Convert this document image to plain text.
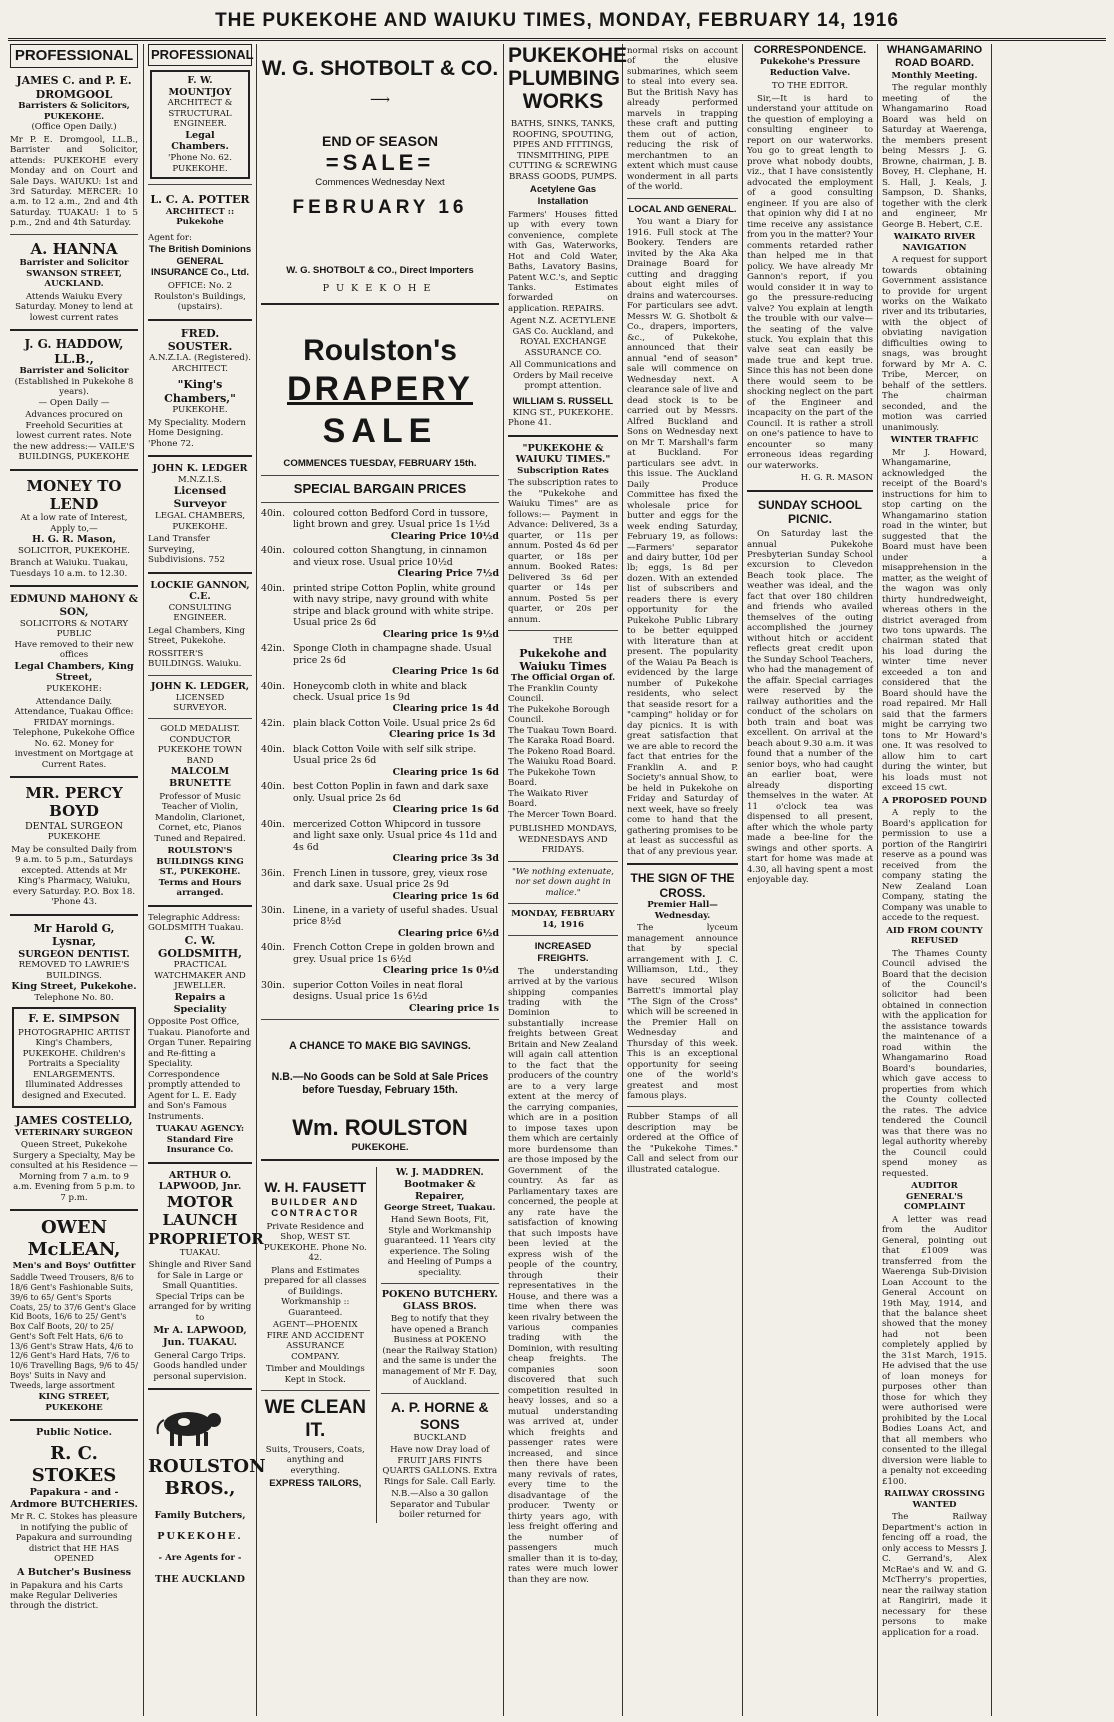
THE PUKEKOHE AND WAIUKU TIMES, MONDAY, FEBRUARY 14, 1916
PROFESSIONAL
JAMES C. and P. E. DROMGOOL
Barristers & Solicitors, PUKEKOHE.
(Office Open Daily.)

Mr P. E. Dromgool, LL.B., Barrister and Solicitor, attends: PUKEKOHE every Monday and on Court and Sale Days. WAIUKU: 1st and 3rd Saturday. MERCER: 10 a.m. to 12 a.m., 2nd and 4th Saturday. TUAKAU: 1 to 5 p.m., 2nd and 4th Saturday.

A. HANNA
Barrister and Solicitor SWANSON STREET, AUCKLAND.

Attends Waiuku Every Saturday. Money to lend at lowest current rates

J. G. HADDOW, LL.B.,
Barrister and Solicitor
(Established in Pukekohe 8 years).
— Open Daily —

Advances procured on Freehold Securities at lowest current rates. Note the new address:— VAILE'S BUILDINGS, PUKEKOHE

MONEY TO LEND
At a low rate of Interest,
Apply to,—
H. G. R. Mason,
SOLICITOR, PUKEKOHE.

Branch at Waiuku. Tuakau, Tuesdays 10 a.m. to 12.30.

EDMUND MAHONY & SON,
SOLICITORS & NOTARY PUBLIC
Have removed to their new offices
Legal Chambers, King Street,
PUKEKOHE:

Attendance Daily. Attendance, Tuakau Office: FRIDAY mornings. Telephone, Pukekohe Office No. 62. Money for investment on Mortgage at Current Rates.

MR. PERCY BOYD
DENTAL SURGEON
PUKEKOHE

May be consulted Daily from 9 a.m. to 5 p.m., Saturdays excepted. Attends at Mr King's Pharmacy, Waiuku, every Saturday. P.O. Box 18. 'Phone 43.

Mr Harold G, Lysnar,
SURGEON DENTIST.
REMOVED TO LAWRIE'S BUILDINGS.
King Street, Pukekohe.
Telephone No. 80.
F. E. SIMPSON

PHOTOGRAPHIC ARTIST King's Chambers, PUKEKOHE. Children's Portraits a Speciality ENLARGEMENTS. Illuminated Addresses designed and Executed.

JAMES COSTELLO,
VETERINARY SURGEON

Queen Street, Pukekohe Surgery a Specialty, May be consulted at his Residence — Morning from 7 a.m. to 9 a.m. Evening from 5 p.m. to 7 p.m.

OWEN McLEAN,
Men's and Boys' Outfitter

Saddle Tweed Trousers, 8/6 to 18/6 Gent's Fashionable Suits, 39/6 to 65/ Gent's Sports Coats, 25/ to 37/6 Gent's Glace Kid Boots, 16/6 to 25/ Gent's Box Calf Boots, 20/ to 25/ Gent's Soft Felt Hats, 6/6 to 13/6 Gent's Straw Hats, 4/6 to 12/6 Gent's Hard Hats, 7/6 to 10/6 Travelling Bags, 9/6 to 45/ Boys' Suits in Navy and Tweeds, large assortment

KING STREET, PUKEKOHE
Public Notice.
R. C. STOKES
Papakura - and - Ardmore BUTCHERIES.

Mr R. C. Stokes has pleasure in notifying the public of Papakura and surrounding district that HE HAS OPENED

A Butcher's Business

in Papakura and his Carts make Regular Deliveries through the district.

PROFESSIONAL
F. W. MOUNTJOY
ARCHITECT & STRUCTURAL ENGINEER.
Legal Chambers.
'Phone No. 62. PUKEKOHE.
L. C. A. POTTER
ARCHITECT :: Pukekohe
Agent for:
The British Dominions GENERAL INSURANCE Co., Ltd.

OFFICE: No. 2 Roulston's Buildings, (upstairs).

FRED. SOUSTER.
A.N.Z.I.A. (Registered).
ARCHITECT.
"King's Chambers,"
PUKEKOHE.

My Speciality. Modern Home Designing. 'Phone 72.

JOHN K. LEDGER
M.N.Z.I.S.
Licensed Surveyor
LEGAL CHAMBERS, PUKEKOHE.

Land Transfer Surveying, Subdivisions. 752

LOCKIE GANNON, C.E.
CONSULTING ENGINEER.

Legal Chambers, King Street, Pukekohe.

ROSSITER'S BUILDINGS. Waiuku.

JOHN K. LEDGER,
LICENSED SURVEYOR.
GOLD MEDALIST. CONDUCTOR PUKEKOHE TOWN BAND
MALCOLM BRUNETTE

Professor of Music Teacher of Violin, Mandolin, Clarionet, Cornet, etc, Pianos Tuned and Repaired.

ROULSTON'S BUILDINGS KING ST., PUKEKOHE. Terms and Hours arranged.
Telegraphic Address: GOLDSMITH Tuakau.
C. W. GOLDSMITH,
PRACTICAL WATCHMAKER AND JEWELLER.
Repairs a Speciality

Opposite Post Office, Tuakau. Pianoforte and Organ Tuner. Repairing and Re-fitting a Speciality. Correspondence promptly attended to Agent for L. E. Eady and Son's Famous Instruments.

TUAKAU AGENCY: Standard Fire Insurance Co.
ARTHUR O. LAPWOOD, Jnr.
MOTOR LAUNCH PROPRIETOR
TUAKAU.

Shingle and River Sand for Sale in Large or Small Quantities. Special Trips can be arranged for by writing to

Mr A. LAPWOOD, Jun. TUAKAU.

General Cargo Trips. Goods handled under personal supervision.

ROULSTON BROS.,
Family Butchers,
PUKEKOHE.
- Are Agents for -
THE AUCKLAND
W. G. SHOTBOLT & CO.
⟶
END OF SEASON
=SALE=
Commences Wednesday Next
FEBRUARY 16
W. G. SHOTBOLT & CO., Direct Importers
PUKEKOHE
Roulston's
DRAPERY
SALE
COMMENCES TUESDAY, FEBRUARY 15th.
SPECIAL BARGAIN PRICES
40in. coloured cotton Bedford Cord in tussore, light brown and grey. Usual price 1s 1½d
Clearing Price 10½d
40in. coloured cotton Shangtung, in cinnamon and vieux rose. Usual price 10½d
Clearing Price 7½d
40in. printed stripe Cotton Poplin, white ground with navy stripe, navy ground with white stripe and black ground with white stripe. Usual price 2s 6d
Clearing price 1s 9½d
42in. Sponge Cloth in champagne shade. Usual price 2s 6d
Clearing Price 1s 6d
40in. Honeycomb cloth in white and black check. Usual price 1s 9d
Clearing price 1s 4d
42in. plain black Cotton Voile. Usual price 2s 6d
Clearing price 1s 3d
40in. black Cotton Voile with self silk stripe. Usual price 2s 6d
Clearing price 1s 6d
40in. best Cotton Poplin in fawn and dark saxe only. Usual price 2s 6d
Clearing price 1s 6d
40in. mercerized Cotton Whipcord in tussore and light saxe only. Usual price 4s 11d and 4s 6d
Clearing price 3s 3d
36in. French Linen in tussore, grey, vieux rose and dark saxe. Usual price 2s 9d
Clearing price 1s 6d
30in. Linene, in a variety of useful shades. Usual price 8½d
Clearing price 6½d
40in. French Cotton Crepe in golden brown and grey. Usual price 1s 6½d
Clearing price 1s 0½d
30in. superior Cotton Voiles in neat floral designs. Usual price 1s 6½d
Clearing price 1s
A CHANCE TO MAKE BIG SAVINGS.
N.B.—No Goods can be Sold at Sale Prices before Tuesday, February 15th.
Wm. ROULSTON
PUKEKOHE.
W. H. FAUSETT
BUILDER AND CONTRACTOR

Private Residence and Shop, WEST ST. PUKEKOHE. Phone No. 42.

Plans and Estimates prepared for all classes of Buildings. Workmanship :: Guaranteed.

AGENT—PHOENIX FIRE AND ACCIDENT ASSURANCE COMPANY.

Timber and Mouldings Kept in Stock.

WE CLEAN IT.

Suits, Trousers, Coats, anything and everything.

EXPRESS TAILORS,
W. J. MADDREN.
Bootmaker & Repairer,
George Street, Tuakau.

Hand Sewn Boots, Fit, Style and Workmanship guaranteed. 11 Years city experience. The Soling and Heeling of Pumps a speciality.

POKENO BUTCHERY.
GLASS BROS.

Beg to notify that they have opened a Branch Business at POKENO (near the Railway Station) and the same is under the management of Mr F. Day, of Auckland.

A. P. HORNE & SONS
BUCKLAND

Have now Dray load of FRUIT JARS FINTS QUARTS GALLONS. Extra Rings for Sale. Call Early.

N.B.—Also a 30 gallon Separator and Tubular boiler returned for

PUKEKOHE PLUMBING WORKS

BATHS, SINKS, TANKS, ROOFING, SPOUTING, PIPES AND FITTINGS, TINSMITHING, PIPE CUTTING & SCREWING BRASS GOODS, PUMPS.

Acetylene Gas Installation

Farmers' Houses fitted up with every town convenience, complete with Gas, Waterworks, Hot and Cold Water, Baths, Lavatory Basins, Patent W.C.'s, and Septic Tanks. Estimates forwarded on application. REPAIRS.

Agent N.Z. ACETYLENE GAS Co. Auckland, and ROYAL EXCHANGE ASSURANCE CO.

All Communications and Orders by Mail receive prompt attention.

WILLIAM S. RUSSELL
KING ST., PUKEKOHE.
Phone 41.
"PUKEKOHE & WAIUKU TIMES."
Subscription Rates

The subscription rates to the "Pukekohe and Waiuku Times" are as follows:— Payment in Advance: Delivered, 3s a quarter, or 11s per annum. Posted 4s 6d per quarter, or 18s per annum. Booked Rates: Delivered 3s 6d per quarter or 14s per annum. Posted 5s per quarter, or 20s per annum.

THE
Pukekohe and Waiuku Times
The Official Organ of.
The Franklin County Council.
The Pukekohe Borough Council.
The Tuakau Town Board.
The Karaka Road Board.
The Pokeno Road Board.
The Waiuku Road Board.
The Pukekohe Town Board.
The Waikato River Board.
The Mercer Town Board.
PUBLISHED MONDAYS, WEDNESDAYS AND FRIDAYS.
"We nothing extenuate, nor set down aught in malice."
MONDAY, FEBRUARY 14, 1916
INCREASED FREIGHTS.

The understanding arrived at by the various shipping companies trading with the Dominion to substantially increase freights between Great Britain and New Zealand will again call attention to the fact that the producers of the country are to a very large extent at the mercy of the carrying companies, which are in a position to impose taxes upon them which are certainly more burdensome than are those imposed by the Government of the country. As far as Parliamentary taxes are concerned, the people at any rate have the satisfaction of knowing that such imposts have been levied at the express wish of the people of the country, through their representatives in the House, and there was a time when there was keen rivalry between the various companies trading with the Dominion, with resulting cheap freights. The companies soon discovered that such competition resulted in heavy losses, and so a mutual understanding was arrived at, under which freights and passenger rates were increased, and since then there have been many revivals of rates, every time to the disadvantage of the producer. Twenty or thirty years ago, with less freight offering and the number of passengers much smaller than it is to-day, rates were much lower than they are now.

normal risks on account of the elusive submarines, which seem to steal into every sea. But the British Navy has already performed marvels in trapping these craft and putting them out of action, reducing the risk of merchantmen to an extent which must cause wonderment in all parts of the world.

LOCAL AND GENERAL.

You want a Diary for 1916. Full stock at The Bookery. Tenders are invited by the Aka Aka Drainage Board for cutting and dragging about eight miles of drains and watercourses. For particulars see advt. Messrs W. G. Shotbolt & Co., drapers, importers, &c., of Pukekohe, announced that their annual "end of season" sale will commence on Wednesday next. A clearance sale of live and dead stock is to be carried out by Messrs. Alfred Buckland and Sons on Wednesday next on Mr T. Marshall's farm at Buckland. For particulars see advt. in this issue. The Auckland Daily Produce Committee has fixed the wholesale price for butter and eggs for the week ending Saturday, February 19, as follows:—Farmers' separator and dairy butter, 10d per lb; eggs, 1s 8d per dozen. With an extended list of subscribers and readers there is every opportunity for the Pukekohe Public Library to be better equipped with literature than at present. The popularity of the Waiau Pa Beach is evidenced by the large number of Pukekohe residents, who select that seaside resort for a "camping" holiday or for day picnics. It is with great satisfaction that we are able to record the fact that entries for the Franklin A. and P. Society's annual Show, to be held in Pukekohe on Friday and Saturday of next week, have so freely come to hand that the gathering promises to be at least as successful as that of any previous year.

THE SIGN OF THE CROSS.
Premier Hall—Wednesday.

The lyceum management announce that by special arrangement with J. C. Williamson, Ltd., they have secured Wilson Barrett's immortal play "The Sign of the Cross" which will be screened in the Premier Hall on Wednesday and Thursday of this week. This is an exceptional opportunity for seeing one of the world's greatest and most famous plays.

Rubber Stamps of all description may be ordered at the Office of the "Pukekohe Times." Call and select from our illustrated catalogue.

CORRESPONDENCE.
Pukekohe's Pressure Reduction Valve.
TO THE EDITOR.

Sir,—It is hard to understand your attitude on the question of employing a consulting engineer to report on our waterworks. You go to great length to prove what nobody doubts, viz., that I have consistently advocated the employment of a good consulting engineer. If you are also of that opinion why did I at no time receive any assistance from you in the matter? Your comments retarded rather than helped me in that policy. We have already Mr Gannon's report, if you would consider it in way to go the pressure-reducing valve? You explain at length the trouble with our valve—the seating of the valve stuck. You explain that this valve seat can easily be made true and kept true. Since this has not been done there would seem to be shocking neglect on the part of the Engineer and incapacity on the part of the Council. It is rather a stroll on one's patience to have to encounter so many erroneous ideas regarding our waterworks.

H. G. R. MASON
SUNDAY SCHOOL PICNIC.

On Saturday last the annual Pukekohe Presbyterian Sunday School excursion to Clevedon Beach took place. The weather was ideal, and the fact that over 180 children and friends who availed themselves of the outing accomplished the journey without hitch or accident reflects great credit upon the Sunday School Teachers, who had the management of the affair. Special carriages were reserved by the railway authorities and the conduct of the scholars on both train and boat was excellent. On arrival at the beach about 9.30 a.m. it was found that a number of the senior boys, who had caught an earlier boat, were already disporting themselves in the water. At 11 o'clock tea was dispensed to all present, after which the whole party made a bee-line for the swings and other sports. A start for home was made at 4.30, all having spent a most enjoyable day.

WHANGAMARINO ROAD BOARD.
Monthly Meeting.

The regular monthly meeting of the Whangamarino Road Board was held on Saturday at Waerenga, the members present being Messrs J. G. Browne, chairman, J. B. Bovey, H. Clephane, H. S. Hall, J. Keals, J. Sampson, D. Shanks, together with the clerk and engineer, Mr George B. Hebert, C.E.

WAIKATO RIVER NAVIGATION

A request for support towards obtaining Government assistance to provide for urgent works on the Waikato river and its tributaries, with the object of obviating navigation difficulties owing to snags, was brought forward by Mr A. C. Tribe, Mercer, on behalf of the settlers. The chairman seconded, and the motion was carried unanimously.

WINTER TRAFFIC

Mr J. Howard, Whangamarine, acknowledged the receipt of the Board's instructions for him to stop carting on the Whangamarino station road in the winter, but suggested that the Board must have been under a misapprehension in the matter, as the weight of the wagon was only thirty hundredweight, whereas others in the district averaged from two tons upwards. The chairman stated that his load during the winter time never exceeded a ton and considered that the Board should have the road repaired. Mr Hall said that the farmers might be carrying two tons to Mr Howard's one. It was resolved to allow him to cart during the winter, but his loads must not exceed 15 cwt.

A PROPOSED POUND

A reply to the Board's application for permission to use a portion of the Rangiriri reserve as a pound was received from the company stating the New Zealand Loan Company, stating the Company was unable to accede to the request.

AID FROM COUNTY REFUSED

The Thames County Council advised the Board that the decision of the Council's solicitor had been obtained in connection with the application for the assistance towards the maintenance of a road within the Whangamarino Road Board's boundaries, which gave access to properties from which the County collected the rates. The advice tendered the Council was that there was no legal authority whereby the Council could spend money as requested.

AUDITOR GENERAL'S COMPLAINT

A letter was read from the Auditor General, pointing out that £1009 was transferred from the Waerenga Sub-Division Loan Account to the General Account on 19th May, 1914, and that the balance sheet showed that the money had not been completely applied by the 31st March, 1915. He advised that the use of loan moneys for purposes other than those for which they were authorised were prohibited by the Local Bodies Loans Act, and that all members who consented to the illegal diversion were liable to a penalty not exceeding £100.

RAILWAY CROSSING WANTED

The Railway Department's action in fencing off a road, the only access to Messrs J. C. Gerrand's, Alex McRae's and W. and G. McTherry's properties, near the railway station at Rangiriri, made it necessary for these persons to make application for a road.
